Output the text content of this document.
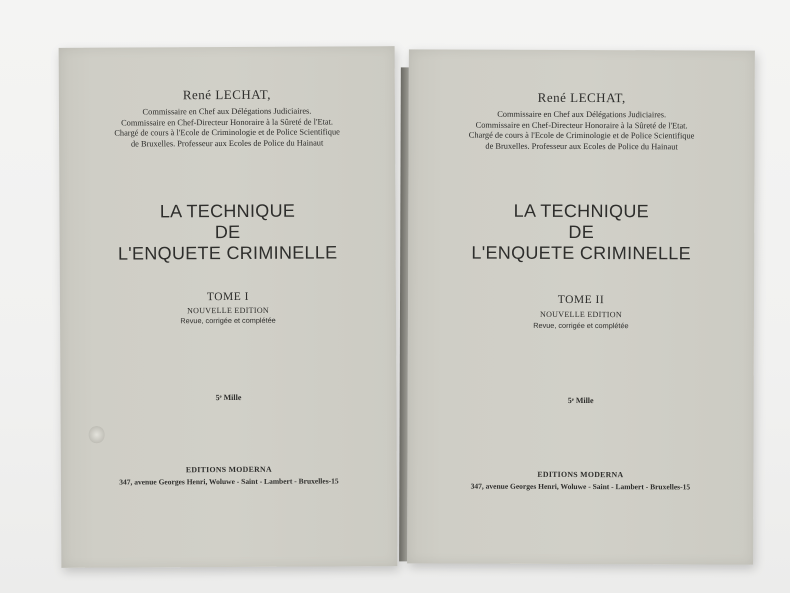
René LECHAT,
Commissaire en Chef aux Délégations Judiciaires.
Commissaire en Chef-Directeur Honoraire à la Sûreté de l'Etat.
Chargé de cours à l'Ecole de Criminologie et de Police Scientifique
de Bruxelles. Professeur aux Ecoles de Police du Hainaut
LA TECHNIQUE
DE
L'ENQUETE CRIMINELLE
TOME I
NOUVELLE EDITION
Revue, corrigée et complétée
5ᵉ Mille
EDITIONS MODERNA
347, avenue Georges Henri, Woluwe - Saint - Lambert - Bruxelles-15
René LECHAT,
Commissaire en Chef aux Délégations Judiciaires.
Commissaire en Chef-Directeur Honoraire à la Sûreté de l'Etat.
Chargé de cours à l'Ecole de Criminologie et de Police Scientifique
de Bruxelles. Professeur aux Ecoles de Police du Hainaut
LA TECHNIQUE
DE
L'ENQUETE CRIMINELLE
TOME II
NOUVELLE EDITION
Revue, corrigée et complétée
5ᵉ Mille
EDITIONS MODERNA
347, avenue Georges Henri, Woluwe - Saint - Lambert - Bruxelles-15
